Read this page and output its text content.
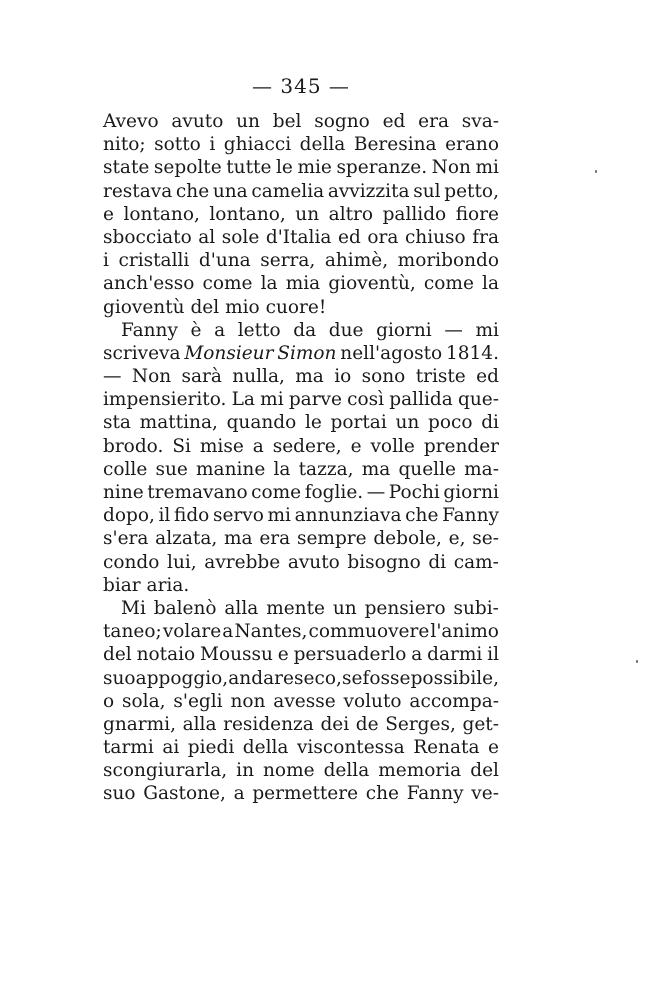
— 345 —
Avevo avuto un bel sogno ed era sva-
nito; sotto i ghiacci della Beresina erano
state sepolte tutte le mie speranze. Non mi
restava che una camelia avvizzita sul petto,
e lontano, lontano, un altro pallido fiore
sbocciato al sole d'Italia ed ora chiuso fra
i cristalli d'una serra, ahimè, moribondo
anch'esso come la mia gioventù, come la
gioventù del mio cuore!
Fanny è a letto da due giorni — mi
scriveva Monsieur Simon nell'agosto 1814.
— Non sarà nulla, ma io sono triste ed
impensierito. La mi parve così pallida que-
sta mattina, quando le portai un poco di
brodo. Si mise a sedere, e volle prender
colle sue manine la tazza, ma quelle ma-
nine tremavano come foglie. — Pochi giorni
dopo, il fido servo mi annunziava che Fanny
s'era alzata, ma era sempre debole, e, se-
condo lui, avrebbe avuto bisogno di cam-
biar aria.
Mi balenò alla mente un pensiero subi-
taneo; volare a Nantes, commuovere l'animo
del notaio Moussu e persuaderlo a darmi il
suo appoggio, andare seco, se fosse possibile,
o sola, s'egli non avesse voluto accompa-
gnarmi, alla residenza dei de Serges, get-
tarmi ai piedi della viscontessa Renata e
scongiurarla, in nome della memoria del
suo Gastone, a permettere che Fanny ve-
